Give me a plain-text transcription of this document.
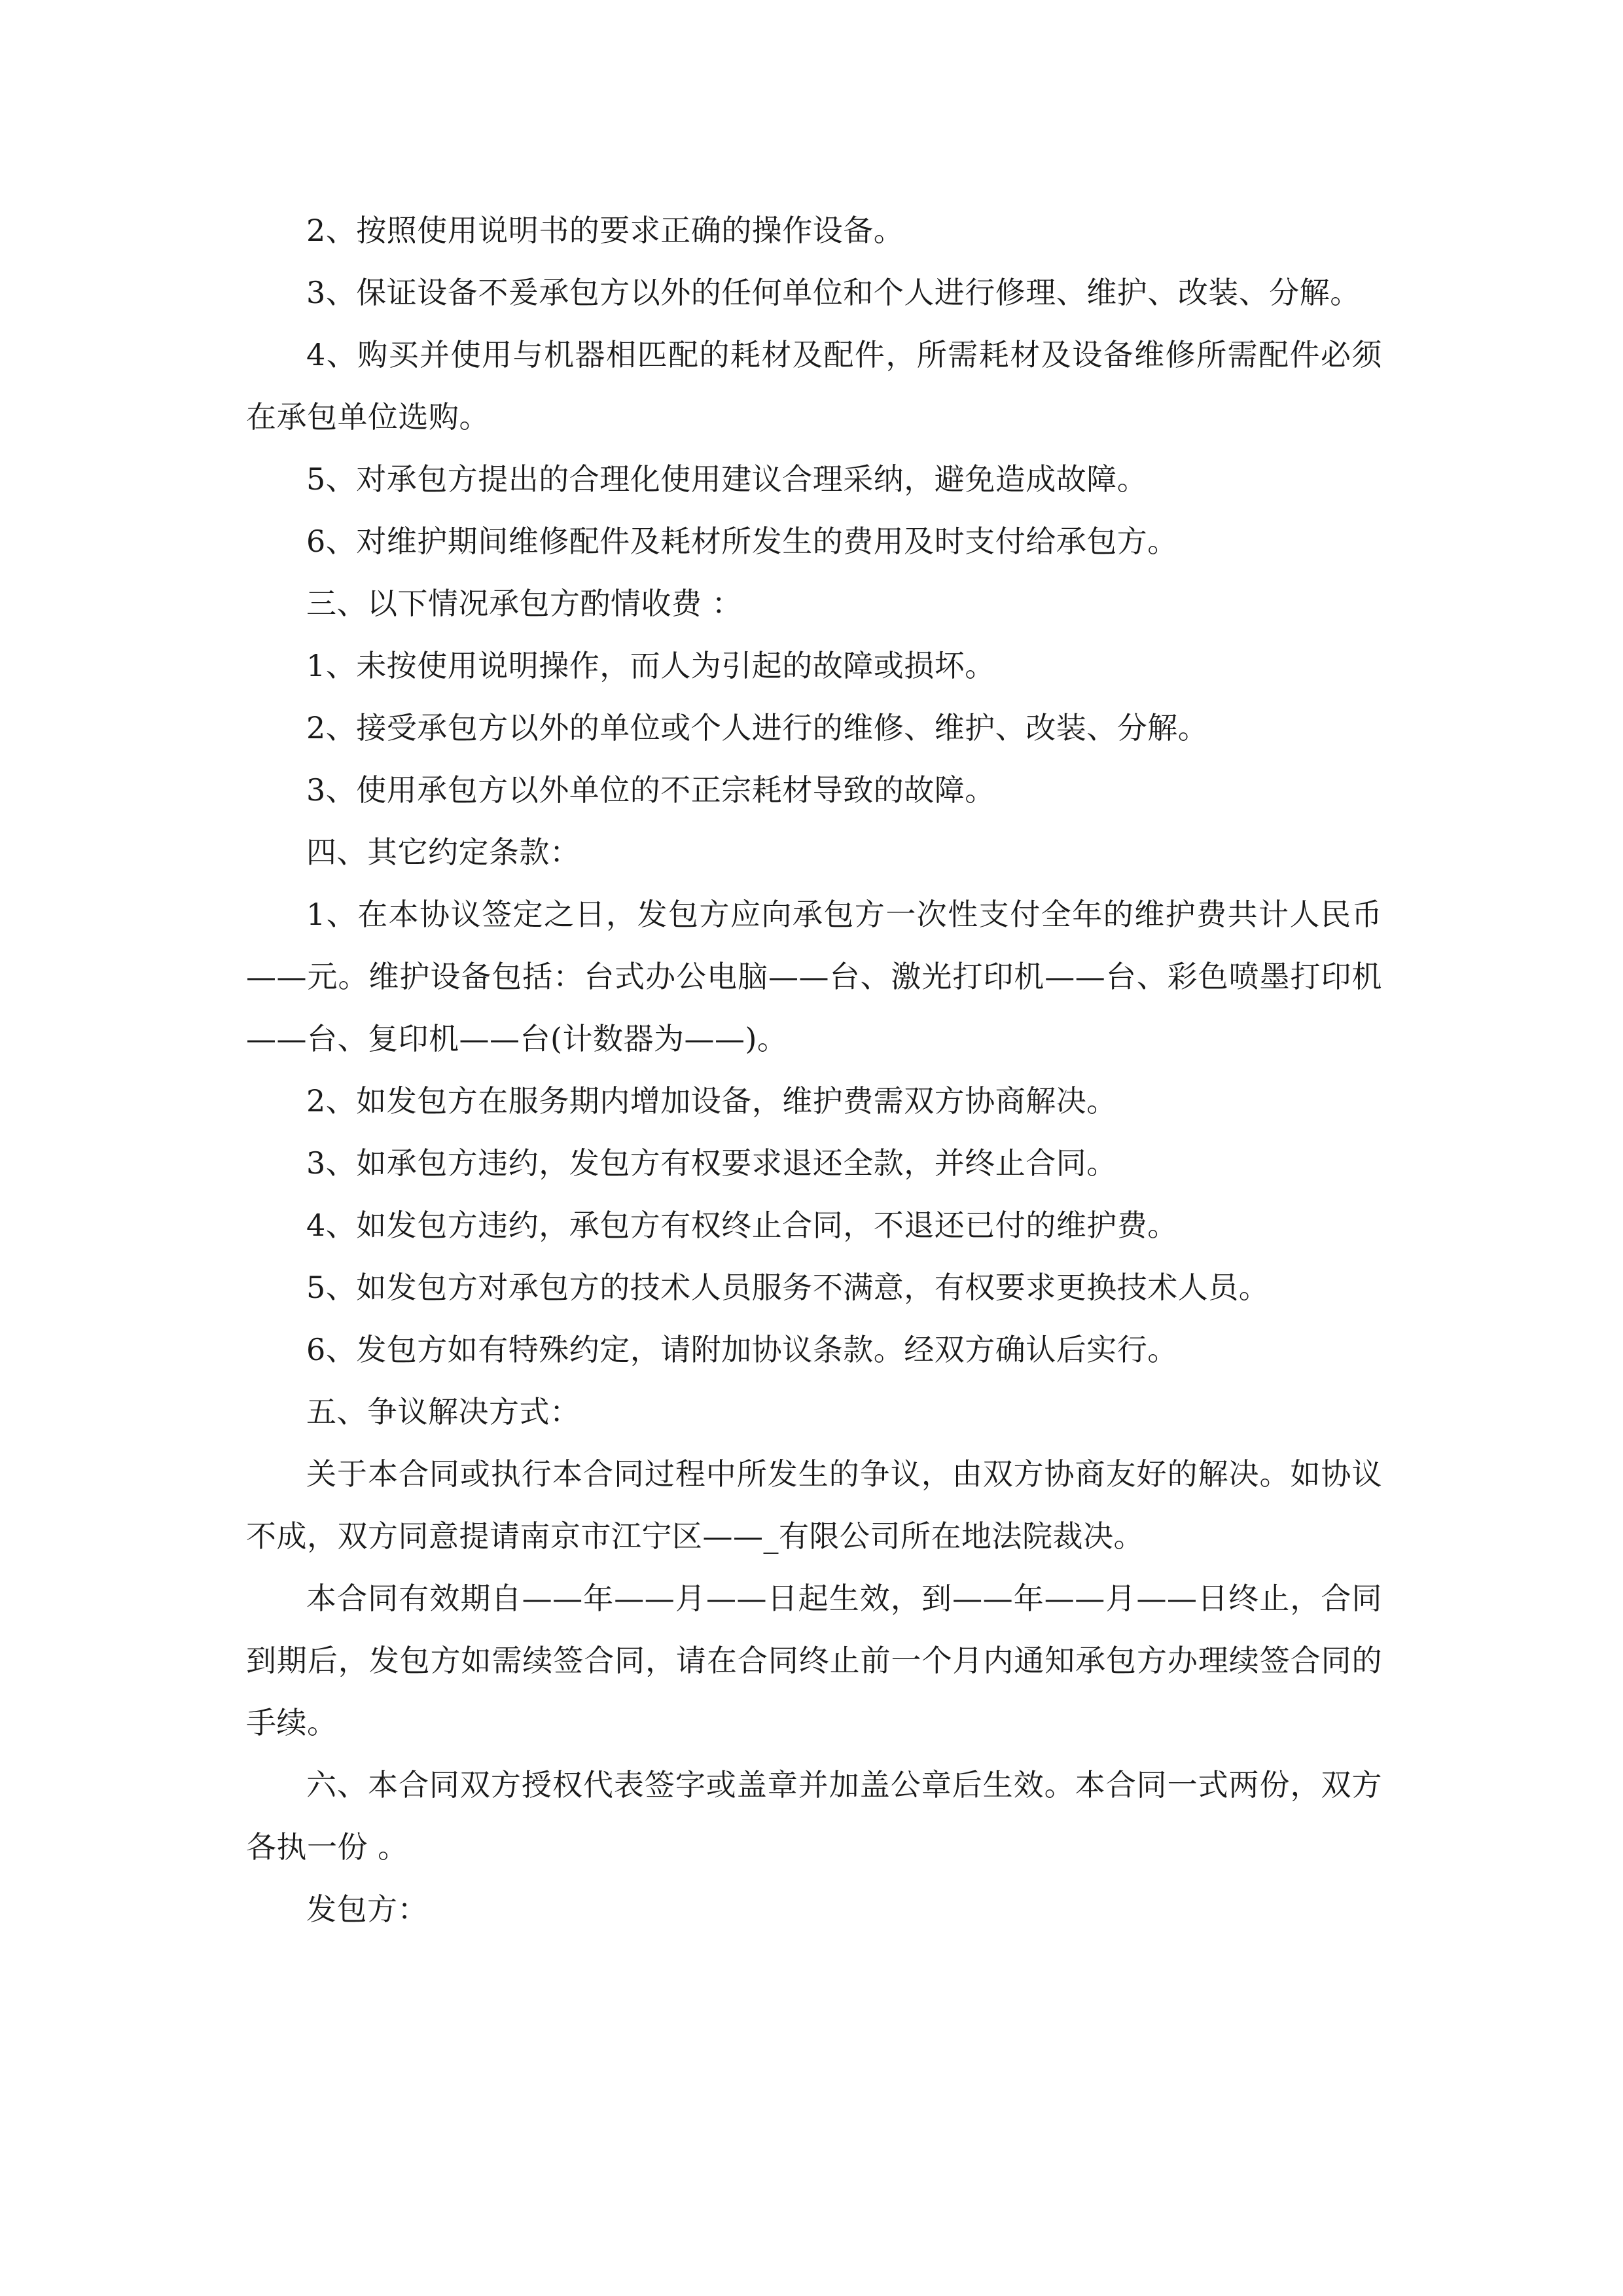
2、按照使用说明书的要求正确的操作设备。

3、保证设备不爰承包方以外的任何单位和个人进行修理、维护、改装、分解。

4、购买并使用与机器相匹配的耗材及配件，所需耗材及设备维修所需配件必须在承包单位选购。

5、对承包方提出的合理化使用建议合理采纳，避免造成故障。

6、对维护期间维修配件及耗材所发生的费用及时支付给承包方。

三、以下情况承包方酌情收费 ：

1、未按使用说明操作，而人为引起的故障或损坏。

2、接受承包方以外的单位或个人进行的维修、维护、改装、分解。

3、使用承包方以外单位的不正宗耗材导致的故障。

四、其它约定条款：

1、在本协议签定之日，发包方应向承包方一次性支付全年的维护费共计人民币——元。维护设备包括：台式办公电脑——台、激光打印机——台、彩色喷墨打印机——台、复印机——台(计数器为——)。

2、如发包方在服务期内增加设备，维护费需双方协商解决。

3、如承包方违约，发包方有权要求退还全款，并终止合同。

4、如发包方违约，承包方有权终止合同，不退还已付的维护费。

5、如发包方对承包方的技术人员服务不满意，有权要求更换技术人员。

6、发包方如有特殊约定，请附加协议条款。经双方确认后实行。

五、争议解决方式：

关于本合同或执行本合同过程中所发生的争议，由双方协商友好的解决。如协议不成，双方同意提请南京市江宁区——_有限公司所在地法院裁决。

本合同有效期自——年——月——日起生效，到——年——月——日终止，合同到期后，发包方如需续签合同，请在合同终止前一个月内通知承包方办理续签合同的手续。

六、本合同双方授权代表签字或盖章并加盖公章后生效。本合同一式两份，双方各执一份 。

发包方：
